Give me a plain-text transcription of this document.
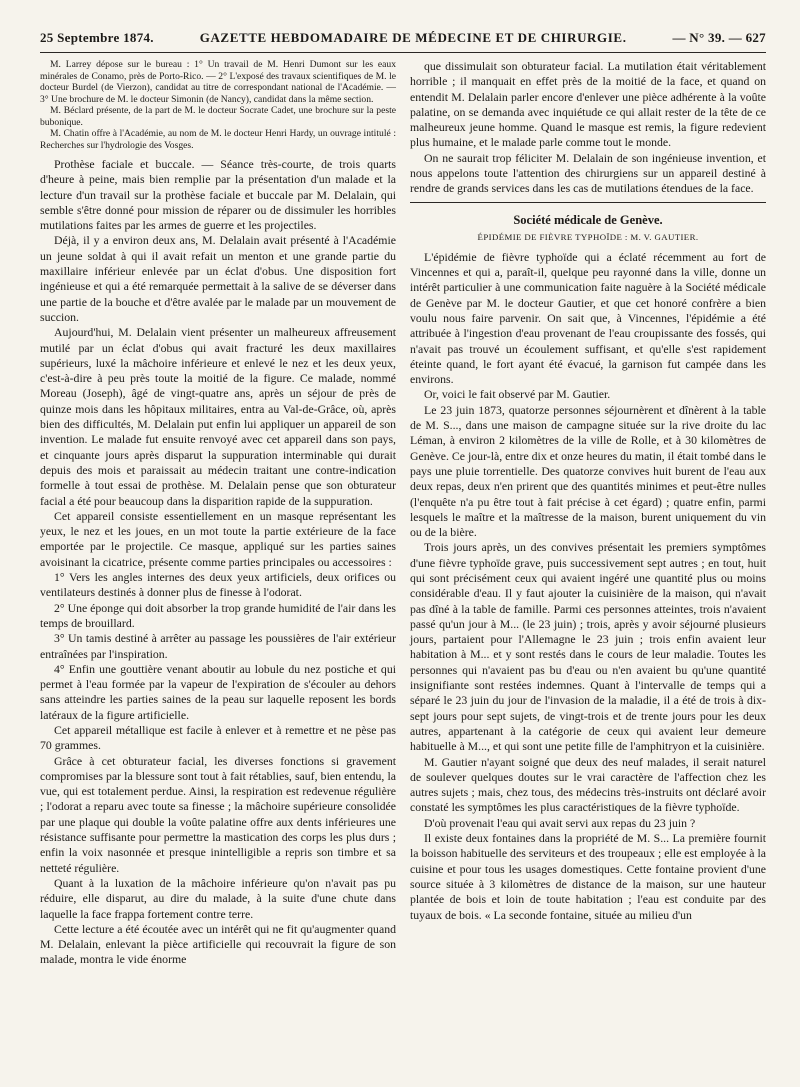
25 Septembre 1874.	GAZETTE HEBDOMADAIRE DE MÉDECINE ET DE CHIRURGIE.	— N° 39. — 627

M. Larrey dépose sur le bureau : 1° Un travail de M. Henri Dumont sur les eaux minérales de Conamo, près de Porto-Rico. — 2° L'exposé des travaux scientifiques de M. le docteur Burdel (de Vierzon), candidat au titre de correspondant national de l'Académie. — 3° Une brochure de M. le docteur Simonin (de Nancy), candidat dans la même section.

M. Béclard présente, de la part de M. le docteur Socrate Cadet, une brochure sur la peste bubonique.

M. Chatin offre à l'Académie, au nom de M. le docteur Henri Hardy, un ouvrage intitulé : Recherches sur l'hydrologie des Vosges.

Prothèse faciale et buccale. — Séance très-courte, de trois quarts d'heure à peine, mais bien remplie par la présentation d'un malade et la lecture d'un travail sur la prothèse faciale et buccale par M. Delalain, qui semble s'être donné pour mission de réparer ou de dissimuler les horribles mutilations faites par les armes de guerre et les projectiles.

Déjà, il y a environ deux ans, M. Delalain avait présenté à l'Académie un jeune soldat à qui il avait refait un menton et une grande partie du maxillaire inférieur enlevée par un éclat d'obus. Une disposition fort ingénieuse et qui a été remarquée permettait à la salive de se déverser dans une partie de la bouche et d'être avalée par le malade par un mouvement de succion.

Aujourd'hui, M. Delalain vient présenter un malheureux affreusement mutilé par un éclat d'obus qui avait fracturé les deux maxillaires supérieurs, luxé la mâchoire inférieure et enlevé le nez et les deux yeux, c'est-à-dire à peu près toute la moitié de la figure. Ce malade, nommé Moreau (Joseph), âgé de vingt-quatre ans, après un séjour de près de quinze mois dans les hôpitaux militaires, entra au Val-de-Grâce, où, après bien des difficultés, M. Delalain put enfin lui appliquer un appareil de son invention. Le malade fut ensuite renvoyé avec cet appareil dans son pays, et cinquante jours après disparut la suppuration interminable qui durait depuis des mois et paraissait au médecin traitant une contre-indication formelle à tout essai de prothèse. M. Delalain pense que son obturateur facial a été pour beaucoup dans la disparition rapide de la suppuration.

Cet appareil consiste essentiellement en un masque représentant les yeux, le nez et les joues, en un mot toute la partie extérieure de la face emportée par le projectile. Ce masque, appliqué sur les parties saines avoisinant la cicatrice, présente comme parties principales ou accessoires :

1° Vers les angles internes des deux yeux artificiels, deux orifices ou ventilateurs destinés à donner plus de finesse à l'odorat.

2° Une éponge qui doit absorber la trop grande humidité de l'air dans les temps de brouillard.

3° Un tamis destiné à arrêter au passage les poussières de l'air extérieur entraînées par l'inspiration.

4° Enfin une gouttière venant aboutir au lobule du nez postiche et qui permet à l'eau formée par la vapeur de l'expiration de s'écouler au dehors sans atteindre les parties saines de la peau sur laquelle reposent les bords latéraux de la figure artificielle.

Cet appareil métallique est facile à enlever et à remettre et ne pèse pas 70 grammes.

Grâce à cet obturateur facial, les diverses fonctions si gravement compromises par la blessure sont tout à fait rétablies, sauf, bien entendu, la vue, qui est totalement perdue. Ainsi, la respiration est redevenue régulière ; l'odorat a reparu avec toute sa finesse ; la mâchoire supérieure consolidée par une plaque qui double la voûte palatine offre aux dents inférieures une résistance suffisante pour permettre la mastication des corps les plus durs ; enfin la voix nasonnée et presque inintelligible a repris son timbre et sa netteté régulière.

Quant à la luxation de la mâchoire inférieure qu'on n'avait pas pu réduire, elle disparut, au dire du malade, à la suite d'une chute dans laquelle la face frappa fortement contre terre.

Cette lecture a été écoutée avec un intérêt qui ne fit qu'augmenter quand M. Delalain, enlevant la pièce artificielle qui recouvrait la figure de son malade, montra le vide énorme

que dissimulait son obturateur facial. La mutilation était véritablement horrible ; il manquait en effet près de la moitié de la face, et quand on entendit M. Delalain parler encore d'enlever une pièce adhérente à la voûte palatine, on se demanda avec inquiétude ce qui allait rester de la tête de ce malheureux jeune homme. Quand le masque est remis, la figure redevient plus humaine, et le malade parle comme tout le monde.

On ne saurait trop féliciter M. Delalain de son ingénieuse invention, et nous appelons toute l'attention des chirurgiens sur un appareil destiné à rendre de grands services dans les cas de mutilations étendues de la face.

Société médicale de Genève.
ÉPIDÉMIE DE FIÈVRE TYPHOÏDE : M. V. GAUTIER.

L'épidémie de fièvre typhoïde qui a éclaté récemment au fort de Vincennes et qui a, paraît-il, quelque peu rayonné dans la ville, donne un intérêt particulier à une communication faite naguère à la Société médicale de Genève par M. le docteur Gautier, et que cet honoré confrère a bien voulu nous faire parvenir. On sait que, à Vincennes, l'épidémie a été attribuée à l'ingestion d'eau provenant de l'eau croupissante des fossés, qui n'avait pas trouvé un écoulement suffisant, et qu'elle s'est rapidement éteinte quand, le fort ayant été évacué, la garnison fut campée dans les environs.

Or, voici le fait observé par M. Gautier.

Le 23 juin 1873, quatorze personnes séjournèrent et dînèrent à la table de M. S..., dans une maison de campagne située sur la rive droite du lac Léman, à environ 2 kilomètres de la ville de Rolle, et à 30 kilomètres de Genève. Ce jour-là, entre dix et onze heures du matin, il était tombé dans le pays une pluie torrentielle. Des quatorze convives huit burent de l'eau aux deux repas, deux n'en prirent que des quantités minimes et peut-être nulles (l'enquête n'a pu être tout à fait précise à cet égard) ; quatre enfin, parmi lesquels le maître et la maîtresse de la maison, burent uniquement du vin ou de la bière.

Trois jours après, un des convives présentait les premiers symptômes d'une fièvre typhoïde grave, puis successivement sept autres ; en tout, huit qui sont précisément ceux qui avaient ingéré une quantité plus ou moins considérable d'eau. Il y faut ajouter la cuisinière de la maison, qui n'avait pas dîné à la table de famille. Parmi ces personnes atteintes, trois n'avaient passé qu'un jour à M... (le 23 juin) ; trois, après y avoir séjourné plusieurs jours, partaient pour l'Allemagne le 23 juin ; trois enfin avaient leur habitation à M... et y sont restés dans le cours de leur maladie. Toutes les personnes qui n'avaient pas bu d'eau ou n'en avaient bu qu'une quantité insignifiante sont restées indemnes. Quant à l'intervalle de temps qui a séparé le 23 juin du jour de l'invasion de la maladie, il a été de trois à dix-sept jours pour sept sujets, de vingt-trois et de trente jours pour les deux autres, appartenant à la catégorie de ceux qui avaient leur demeure habituelle à M..., et qui sont une petite fille de l'amphitryon et la cuisinière.

M. Gautier n'ayant soigné que deux des neuf malades, il serait naturel de soulever quelques doutes sur le vrai caractère de l'affection chez les autres sujets ; mais, chez tous, des médecins très-instruits ont déclaré avoir constaté les symptômes les plus caractéristiques de la fièvre typhoïde.

D'où provenait l'eau qui avait servi aux repas du 23 juin ?

Il existe deux fontaines dans la propriété de M. S... La première fournit la boisson habituelle des serviteurs et des troupeaux ; elle est employée à la cuisine et pour tous les usages domestiques. Cette fontaine provient d'une source située à 3 kilomètres de distance de la maison, sur une hauteur plantée de bois et loin de toute habitation ; l'eau est conduite par des tuyaux de bois. « La seconde fontaine, située au milieu d'un
